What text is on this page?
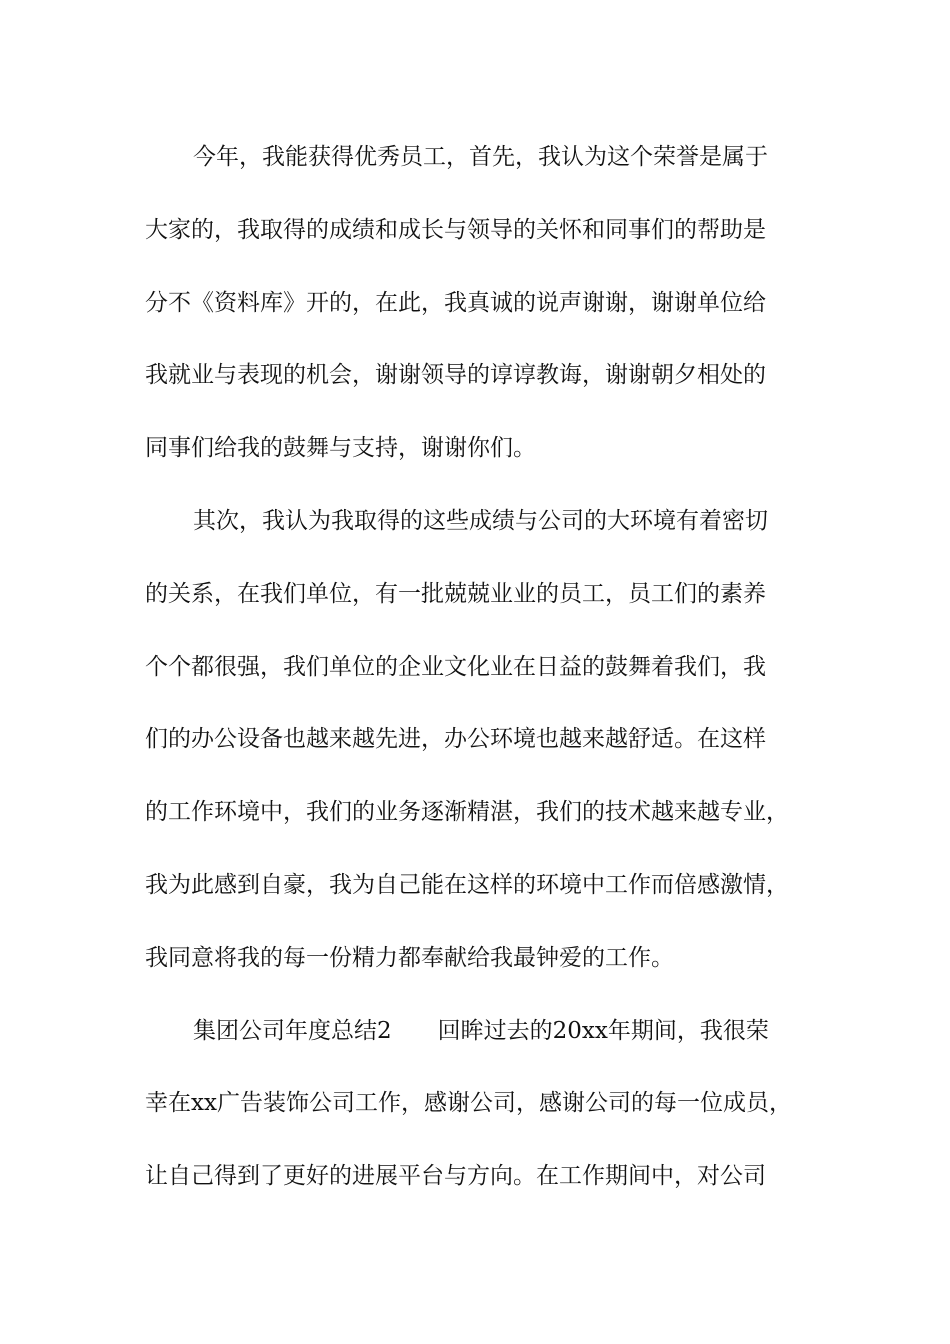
今年，我能获得优秀员工，首先，我认为这个荣誉是属于
大家的，我取得的成绩和成长与领导的关怀和同事们的帮助是
分不《资料库》开的，在此，我真诚的说声谢谢，谢谢单位给
我就业与表现的机会，谢谢领导的谆谆教诲，谢谢朝夕相处的
同事们给我的鼓舞与支持，谢谢你们。
其次，我认为我取得的这些成绩与公司的大环境有着密切
的关系，在我们单位，有一批兢兢业业的员工，员工们的素养
个个都很强，我们单位的企业文化业在日益的鼓舞着我们，我
们的办公设备也越来越先进，办公环境也越来越舒适。在这样
的工作环境中，我们的业务逐渐精湛，我们的技术越来越专业，
我为此感到自豪，我为自己能在这样的环境中工作而倍感激情，
我同意将我的每一份精力都奉献给我最钟爱的工作。
集团公司年度总结2　　回眸过去的20xx年期间，我很荣
幸在xx广告装饰公司工作，感谢公司，感谢公司的每一位成员，
让自己得到了更好的进展平台与方向。在工作期间中，对公司
